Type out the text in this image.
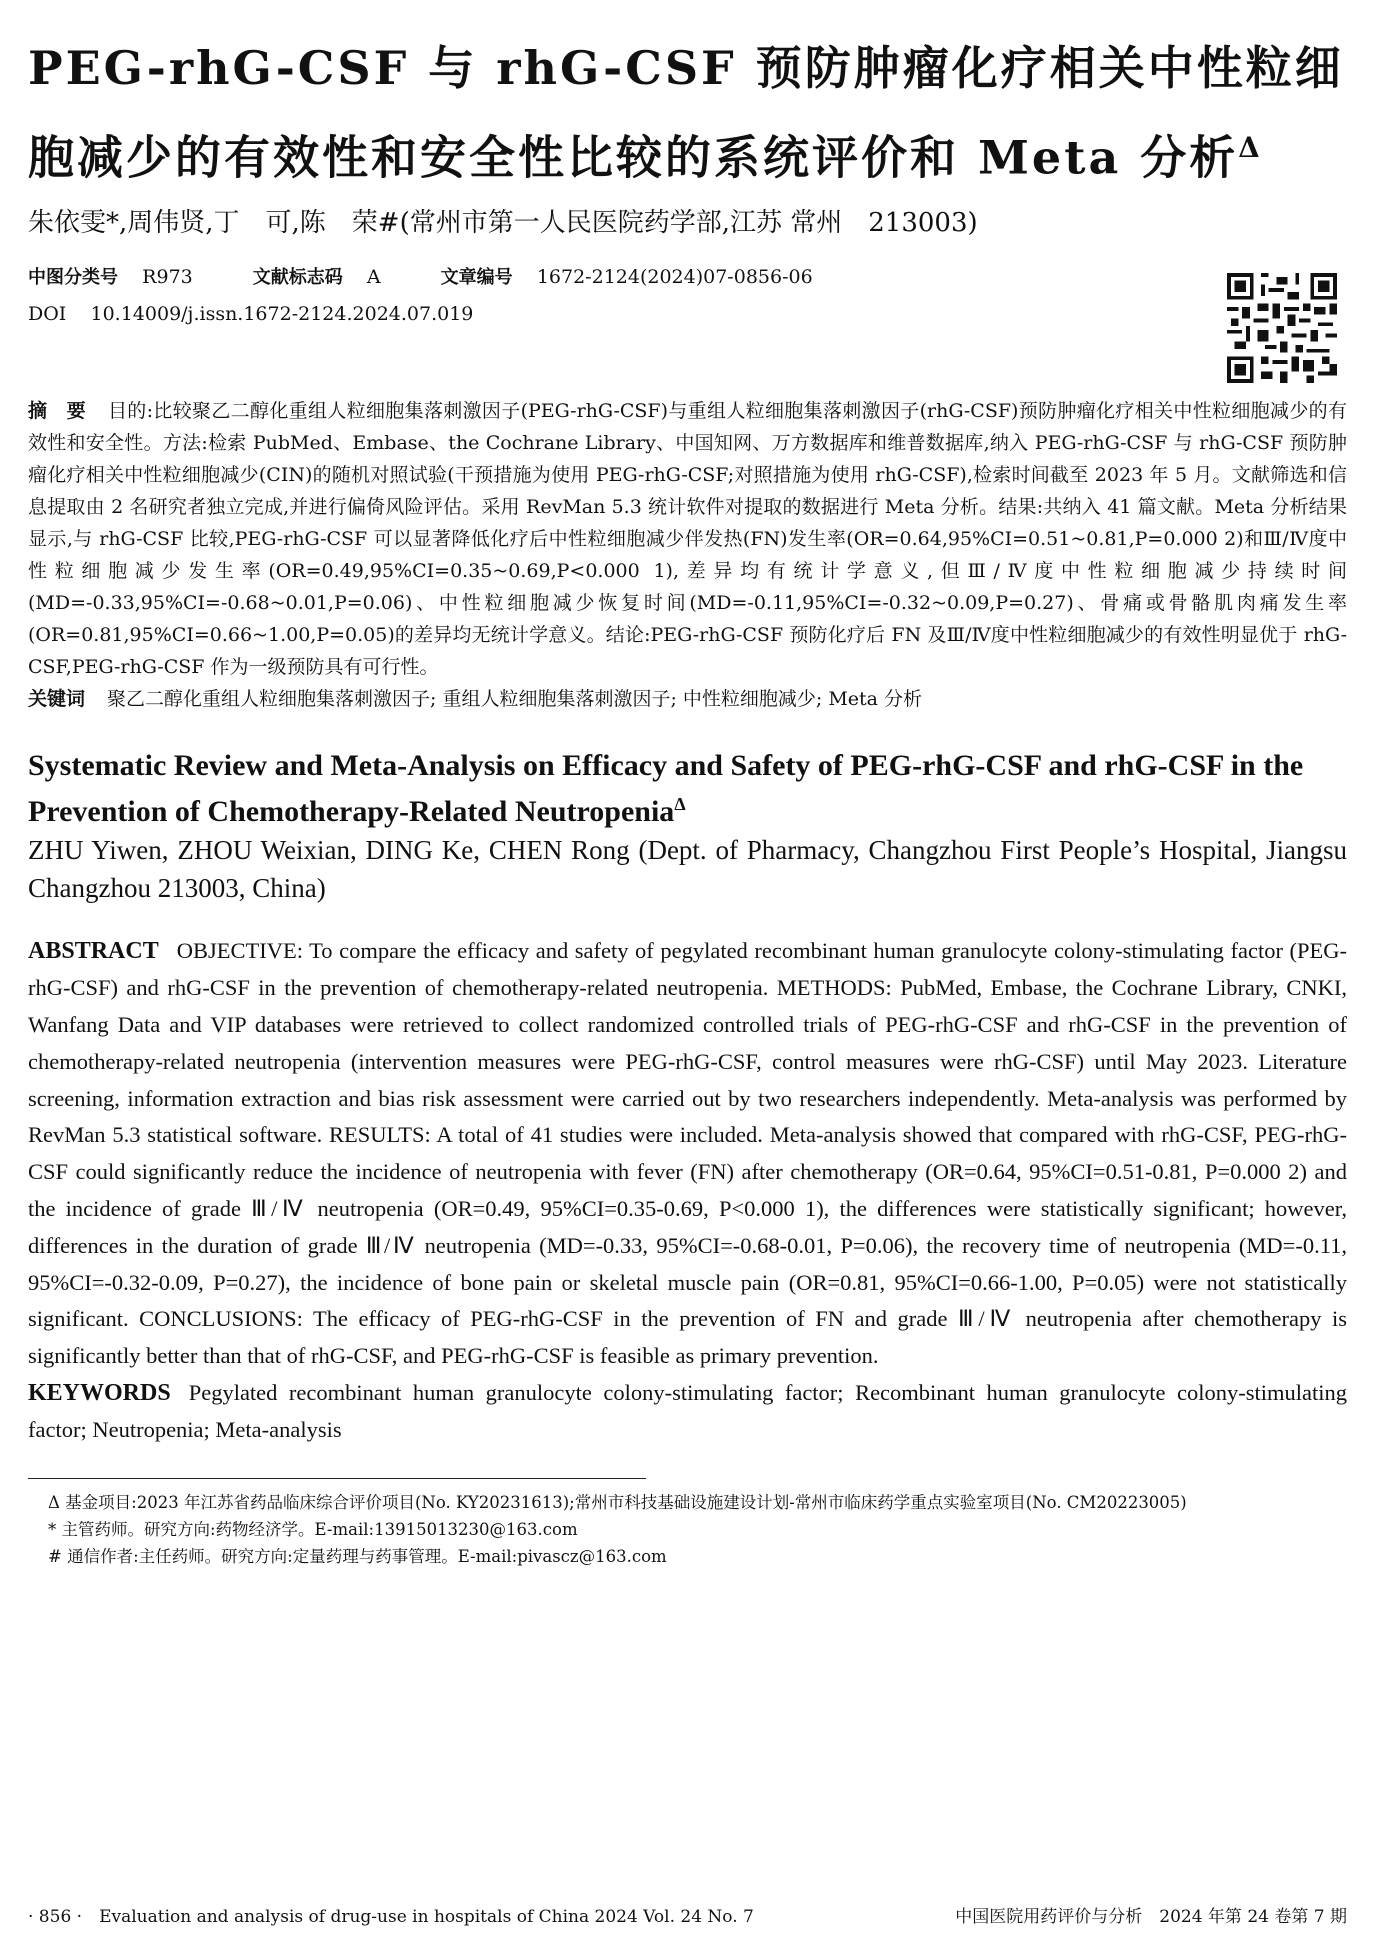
PEG-rhG-CSF 与 rhG-CSF 预防肿瘤化疗相关中性粒细胞减少的有效性和安全性比较的系统评价和 Meta 分析$^\Delta$
朱依雯*,周伟贤,丁　可,陈　荣#(常州市第一人民医院药学部,江苏 常州　213003)
中图分类号 R973	文献标志码 A	文章编号 1672-2124(2024)07-0856-06
DOI 10.14009/j.issn.1672-2124.2024.07.019
摘　要 目的:比较聚乙二醇化重组人粒细胞集落刺激因子(PEG-rhG-CSF)与重组人粒细胞集落刺激因子(rhG-CSF)预防肿瘤化疗相关中性粒细胞减少的有效性和安全性。方法:检索 PubMed、Embase、the Cochrane Library、中国知网、万方数据库和维普数据库,纳入 PEG-rhG-CSF 与 rhG-CSF 预防肿瘤化疗相关中性粒细胞减少(CIN)的随机对照试验(干预措施为使用 PEG-rhG-CSF;对照措施为使用 rhG-CSF),检索时间截至 2023 年 5 月。文献筛选和信息提取由 2 名研究者独立完成,并进行偏倚风险评估。采用 RevMan 5.3 统计软件对提取的数据进行 Meta 分析。结果:共纳入 41 篇文献。Meta 分析结果显示,与 rhG-CSF 比较,PEG-rhG-CSF 可以显著降低化疗后中性粒细胞减少伴发热(FN)发生率(OR=0.64,95%CI=0.51~0.81,P=0.000 2)和Ⅲ/Ⅳ度中性粒细胞减少发生率(OR=0.49,95%CI=0.35~0.69,P<0.000 1),差异均有统计学意义,但Ⅲ/Ⅳ度中性粒细胞减少持续时间(MD=-0.33,95%CI=-0.68~0.01,P=0.06)、中性粒细胞减少恢复时间(MD=-0.11,95%CI=-0.32~0.09,P=0.27)、骨痛或骨骼肌肉痛发生率(OR=0.81,95%CI=0.66~1.00,P=0.05)的差异均无统计学意义。结论:PEG-rhG-CSF 预防化疗后 FN 及Ⅲ/Ⅳ度中性粒细胞减少的有效性明显优于 rhG-CSF,PEG-rhG-CSF 作为一级预防具有可行性。
关键词 聚乙二醇化重组人粒细胞集落刺激因子; 重组人粒细胞集落刺激因子; 中性粒细胞减少; Meta 分析
Systematic Review and Meta-Analysis on Efficacy and Safety of PEG-rhG-CSF and rhG-CSF in the Prevention of Chemotherapy-Related Neutropenia$^\Delta$
ZHU Yiwen, ZHOU Weixian, DING Ke, CHEN Rong (Dept. of Pharmacy, Changzhou First People’s Hospital, Jiangsu Changzhou 213003, China)
ABSTRACT OBJECTIVE: To compare the efficacy and safety of pegylated recombinant human granulocyte colony-stimulating factor (PEG-rhG-CSF) and rhG-CSF in the prevention of chemotherapy-related neutropenia. METHODS: PubMed, Embase, the Cochrane Library, CNKI, Wanfang Data and VIP databases were retrieved to collect randomized controlled trials of PEG-rhG-CSF and rhG-CSF in the prevention of chemotherapy-related neutropenia (intervention measures were PEG-rhG-CSF, control measures were rhG-CSF) until May 2023. Literature screening, information extraction and bias risk assessment were carried out by two researchers independently. Meta-analysis was performed by RevMan 5.3 statistical software. RESULTS: A total of 41 studies were included. Meta-analysis showed that compared with rhG-CSF, PEG-rhG-CSF could significantly reduce the incidence of neutropenia with fever (FN) after chemotherapy (OR=0.64, 95%CI=0.51-0.81, P=0.000 2) and the incidence of grade Ⅲ/Ⅳ neutropenia (OR=0.49, 95%CI=0.35-0.69, P<0.000 1), the differences were statistically significant; however, differences in the duration of grade Ⅲ/Ⅳ neutropenia (MD=-0.33, 95%CI=-0.68-0.01, P=0.06), the recovery time of neutropenia (MD=-0.11, 95%CI=-0.32-0.09, P=0.27), the incidence of bone pain or skeletal muscle pain (OR=0.81, 95%CI=0.66-1.00, P=0.05) were not statistically significant. CONCLUSIONS: The efficacy of PEG-rhG-CSF in the prevention of FN and grade Ⅲ/Ⅳ neutropenia after chemotherapy is significantly better than that of rhG-CSF, and PEG-rhG-CSF is feasible as primary prevention.
KEYWORDS Pegylated recombinant human granulocyte colony-stimulating factor; Recombinant human granulocyte colony-stimulating factor; Neutropenia; Meta-analysis
Δ 基金项目:2023 年江苏省药品临床综合评价项目(No. KY20231613);常州市科技基础设施建设计划-常州市临床药学重点实验室项目(No. CM20223005)
* 主管药师。研究方向:药物经济学。E-mail:13915013230@163.com
# 通信作者:主任药师。研究方向:定量药理与药事管理。E-mail:pivascz@163.com
· 856 ·　Evaluation and analysis of drug-use in hospitals of China 2024 Vol. 24 No. 7	中国医院用药评价与分析　2024 年第 24 卷第 7 期
